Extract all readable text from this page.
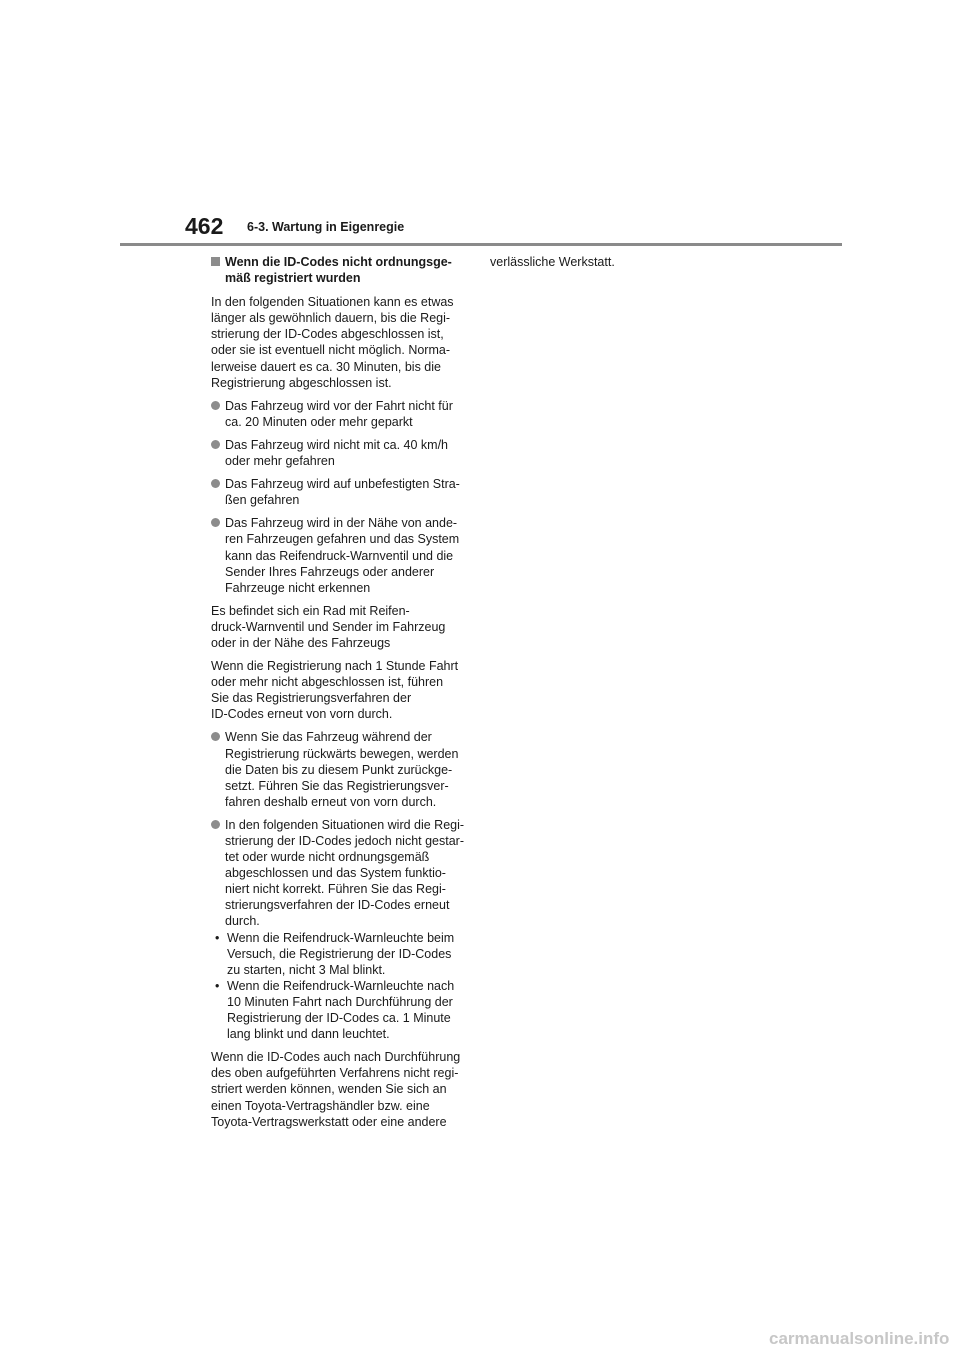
462 6-3. Wartung in Eigenregie
Wenn die ID-Codes nicht ordnungsge-
mäß registriert wurden
In den folgenden Situationen kann es etwas
länger als gewöhnlich dauern, bis die Regi-
strierung der ID-Codes abgeschlossen ist,
oder sie ist eventuell nicht möglich. Norma-
lerweise dauert es ca. 30 Minuten, bis die
Registrierung abgeschlossen ist.
Das Fahrzeug wird vor der Fahrt nicht für
ca. 20 Minuten oder mehr geparkt
Das Fahrzeug wird nicht mit ca. 40 km/h
oder mehr gefahren
Das Fahrzeug wird auf unbefestigten Stra-
ßen gefahren
Das Fahrzeug wird in der Nähe von ande-
ren Fahrzeugen gefahren und das System
kann das Reifendruck-Warnventil und die
Sender Ihres Fahrzeugs oder anderer
Fahrzeuge nicht erkennen
Es befindet sich ein Rad mit Reifen-
druck-Warnventil und Sender im Fahrzeug
oder in der Nähe des Fahrzeugs
Wenn die Registrierung nach 1 Stunde Fahrt
oder mehr nicht abgeschlossen ist, führen
Sie das Registrierungsverfahren der
ID-Codes erneut von vorn durch.
Wenn Sie das Fahrzeug während der
Registrierung rückwärts bewegen, werden
die Daten bis zu diesem Punkt zurückge-
setzt. Führen Sie das Registrierungsver-
fahren deshalb erneut von vorn durch.
In den folgenden Situationen wird die Regi-
strierung der ID-Codes jedoch nicht gestar-
tet oder wurde nicht ordnungsgemäß
abgeschlossen und das System funktio-
niert nicht korrekt. Führen Sie das Regi-
strierungsverfahren der ID-Codes erneut
durch.
• Wenn die Reifendruck-Warnleuchte beim
Versuch, die Registrierung der ID-Codes
zu starten, nicht 3 Mal blinkt.
• Wenn die Reifendruck-Warnleuchte nach
10 Minuten Fahrt nach Durchführung der
Registrierung der ID-Codes ca. 1 Minute
lang blinkt und dann leuchtet.
Wenn die ID-Codes auch nach Durchführung
des oben aufgeführten Verfahrens nicht regi-
striert werden können, wenden Sie sich an
einen Toyota-Vertragshändler bzw. eine
Toyota-Vertragswerkstatt oder eine andere
verlässliche Werkstatt.
carmanualsonline.info
